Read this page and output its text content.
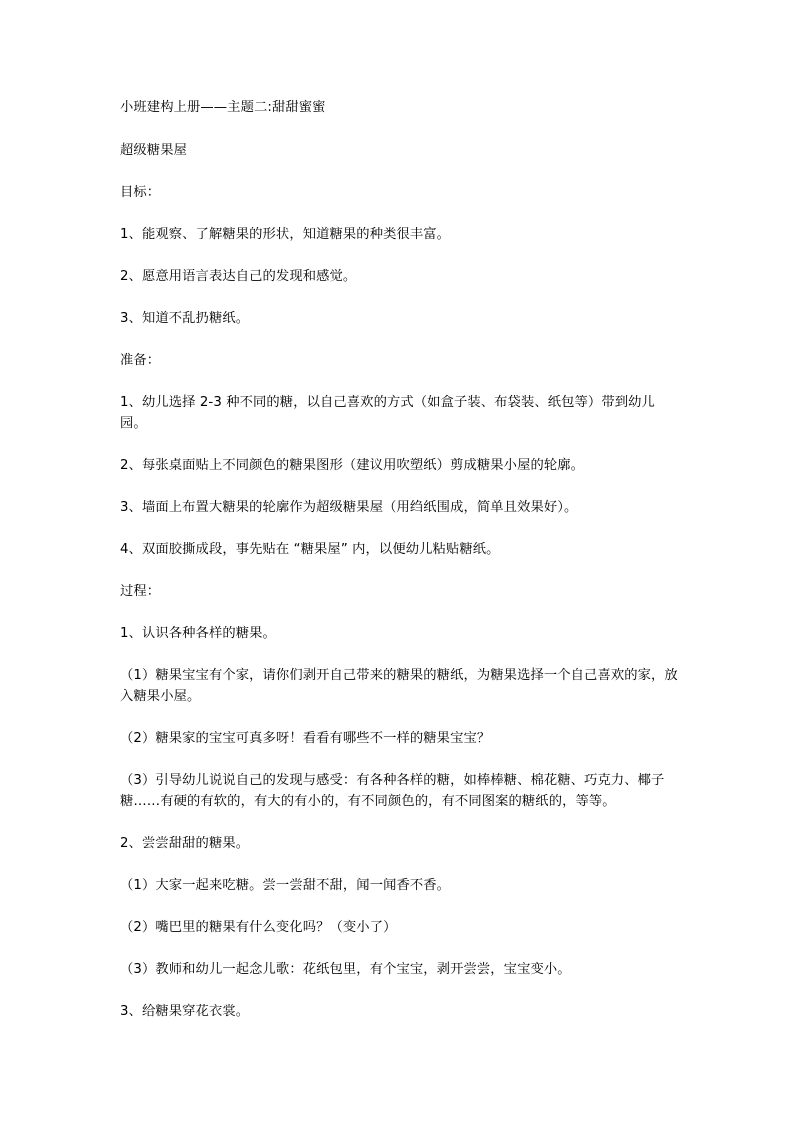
小班建构上册——主题二:甜甜蜜蜜
超级糖果屋
目标：
1、能观察、了解糖果的形状，知道糖果的种类很丰富。
2、愿意用语言表达自己的发现和感觉。
3、知道不乱扔糖纸。
准备：
1、幼儿选择 2-3 种不同的糖，以自己喜欢的方式（如盒子装、布袋装、纸包等）带到幼儿园。
2、每张桌面贴上不同颜色的糖果图形（建议用吹塑纸）剪成糖果小屋的轮廓。
3、墙面上布置大糖果的轮廓作为超级糖果屋（用绉纸围成，简单且效果好）。
4、双面胶撕成段，事先贴在 “糖果屋” 内，以便幼儿粘贴糖纸。
过程：
1、认识各种各样的糖果。
（1）糖果宝宝有个家，请你们剥开自己带来的糖果的糖纸，为糖果选择一个自己喜欢的家，放入糖果小屋。
（2）糖果家的宝宝可真多呀！看看有哪些不一样的糖果宝宝？
（3）引导幼儿说说自己的发现与感受：有各种各样的糖，如棒棒糖、棉花糖、巧克力、椰子糖……有硬的有软的，有大的有小的，有不同颜色的，有不同图案的糖纸的，等等。
2、尝尝甜甜的糖果。
（1）大家一起来吃糖。尝一尝甜不甜，闻一闻香不香。
（2）嘴巴里的糖果有什么变化吗？（变小了）
（3）教师和幼儿一起念儿歌：花纸包里，有个宝宝，剥开尝尝，宝宝变小。
3、给糖果穿花衣裳。
